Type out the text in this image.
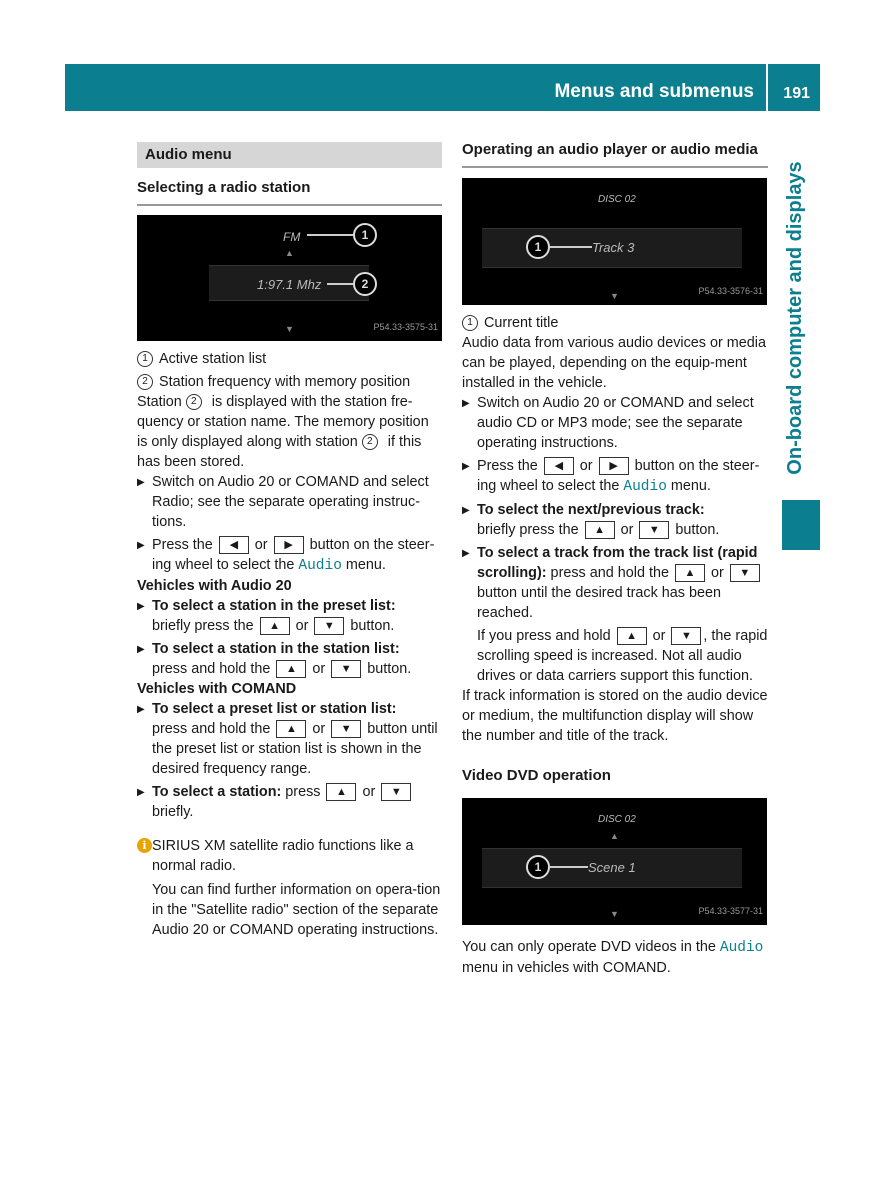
Menus and submenus 191
On-board computer and displays
Audio menu
Selecting a radio station
FM
▲
1
1:97.1 Mhz	2
▼	P54.33-3575-31

1 Active station list

2 Station frequency with memory position

Station 2 is displayed with the station fre-quency or station name. The memory position is only displayed along with station 2 if this has been stored.

▶ Switch on Audio 20 or COMAND and select Radio; see the separate operating instruc-tions.

▶ Press the ◀ or ▶ button on the steer-ing wheel to select the Audio menu.

Vehicles with Audio 20

▶ To select a station in the preset list:
briefly press the ▲ or ▼ button.

▶ To select a station in the station list:
press and hold the ▲ or ▼ button.

Vehicles with COMAND

▶ To select a preset list or station list:
press and hold the ▲ or ▼ button until the preset list or station list is shown in the desired frequency range.

▶ To select a station: press ▲ or ▼ briefly.

i SIRIUS XM satellite radio functions like a normal radio.

You can find further information on opera-tion in the "Satellite radio" section of the separate Audio 20 or COMAND operating instructions.

Operating an audio player or audio media
DISC 02
1	Track 3
▼	P54.33-3576-31

1 Current title

Audio data from various audio devices or media can be played, depending on the equip-ment installed in the vehicle.

▶ Switch on Audio 20 or COMAND and select audio CD or MP3 mode; see the separate operating instructions.

▶ Press the ◀ or ▶ button on the steer-ing wheel to select the Audio menu.

▶ To select the next/previous track:
briefly press the ▲ or ▼ button.

▶ To select a track from the track list (rapid scrolling): press and hold the ▲ or ▼ button until the desired track has been reached.

If you press and hold ▲ or ▼ , the rapid scrolling speed is increased. Not all audio drives or data carriers support this function.

If track information is stored on the audio device or medium, the multifunction display will show the number and title of the track.

Video DVD operation

DISC 02
▲
1	Scene 1
▼	P54.33-3577-31

You can only operate DVD videos in the Audio menu in vehicles with COMAND.
